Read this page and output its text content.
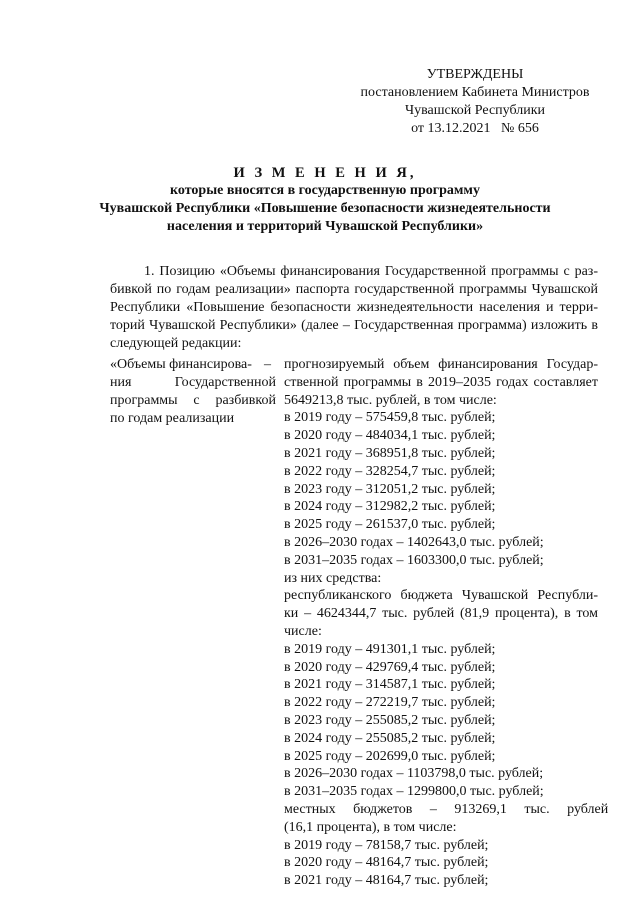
УТВЕРЖДЕНЫ
постановлением Кабинета Министров
Чувашской Республики
от 13.12.2021   № 656
И З М Е Н Е Н И Я,
которые вносятся в государственную программу
Чувашской Республики «Повышение безопасности жизнедеятельности
населения и территорий Чувашской Республики»
1. Позицию «Объемы финансирования Государственной программы с раз-
бивкой по годам реализации» паспорта государственной программы Чувашской
Республики «Повышение безопасности жизнедеятельности населения и терри-
торий Чувашской Республики» (далее – Государственная программа) изложить в
следующей редакции:
«Объемы финансирова-
ния Государственной
программы с разбивкой
по годам реализации
– прогнозируемый объем финансирования Государ-
ственной программы в 2019–2035 годах составляет
5649213,8 тыс. рублей, в том числе:
в 2019 году – 575459,8 тыс. рублей;
в 2020 году – 484034,1 тыс. рублей;
в 2021 году – 368951,8 тыс. рублей;
в 2022 году – 328254,7 тыс. рублей;
в 2023 году – 312051,2 тыс. рублей;
в 2024 году – 312982,2 тыс. рублей;
в 2025 году – 261537,0 тыс. рублей;
в 2026–2030 годах – 1402643,0 тыс. рублей;
в 2031–2035 годах – 1603300,0 тыс. рублей;
из них средства:
республиканского бюджета Чувашской Республи-
ки – 4624344,7 тыс. рублей (81,9 процента), в том
числе:
в 2019 году – 491301,1 тыс. рублей;
в 2020 году – 429769,4 тыс. рублей;
в 2021 году – 314587,1 тыс. рублей;
в 2022 году – 272219,7 тыс. рублей;
в 2023 году – 255085,2 тыс. рублей;
в 2024 году – 255085,2 тыс. рублей;
в 2025 году – 202699,0 тыс. рублей;
в 2026–2030 годах – 1103798,0 тыс. рублей;
в 2031–2035 годах – 1299800,0 тыс. рублей;
местных     бюджетов     –     913269,1     тыс.     рублей
(16,1 процента), в том числе:
в 2019 году – 78158,7 тыс. рублей;
в 2020 году – 48164,7 тыс. рублей;
в 2021 году – 48164,7 тыс. рублей;
